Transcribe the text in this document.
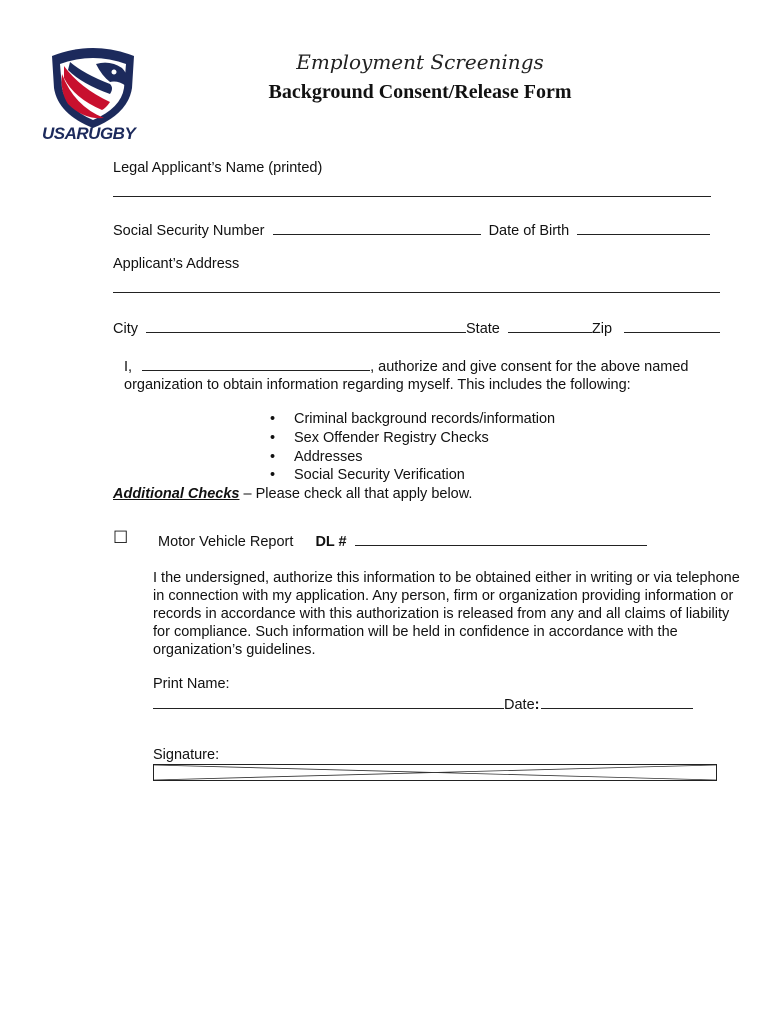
USARUGBY
Employment Screenings
Background Consent/Release Form
Legal Applicant’s Name (printed)
Social Security Number	Date of Birth
Applicant’s Address
City	State	Zip
I,	, authorize and give consent for the above named organization to obtain information regarding myself. This includes the following:
• Criminal background records/information
• Sex Offender Registry Checks
• Addresses
• Social Security Verification
Additional Checks – Please check all that apply below.
☐ Motor Vehicle Report DL #
I the undersigned, authorize this information to be obtained either in writing or via telephone in connection with my application. Any person, firm or organization providing information or records in accordance with this authorization is released from any and all claims of liability for compliance. Such information will be held in confidence in accordance with the organization’s guidelines.
Print Name:
Date:
Signature:
